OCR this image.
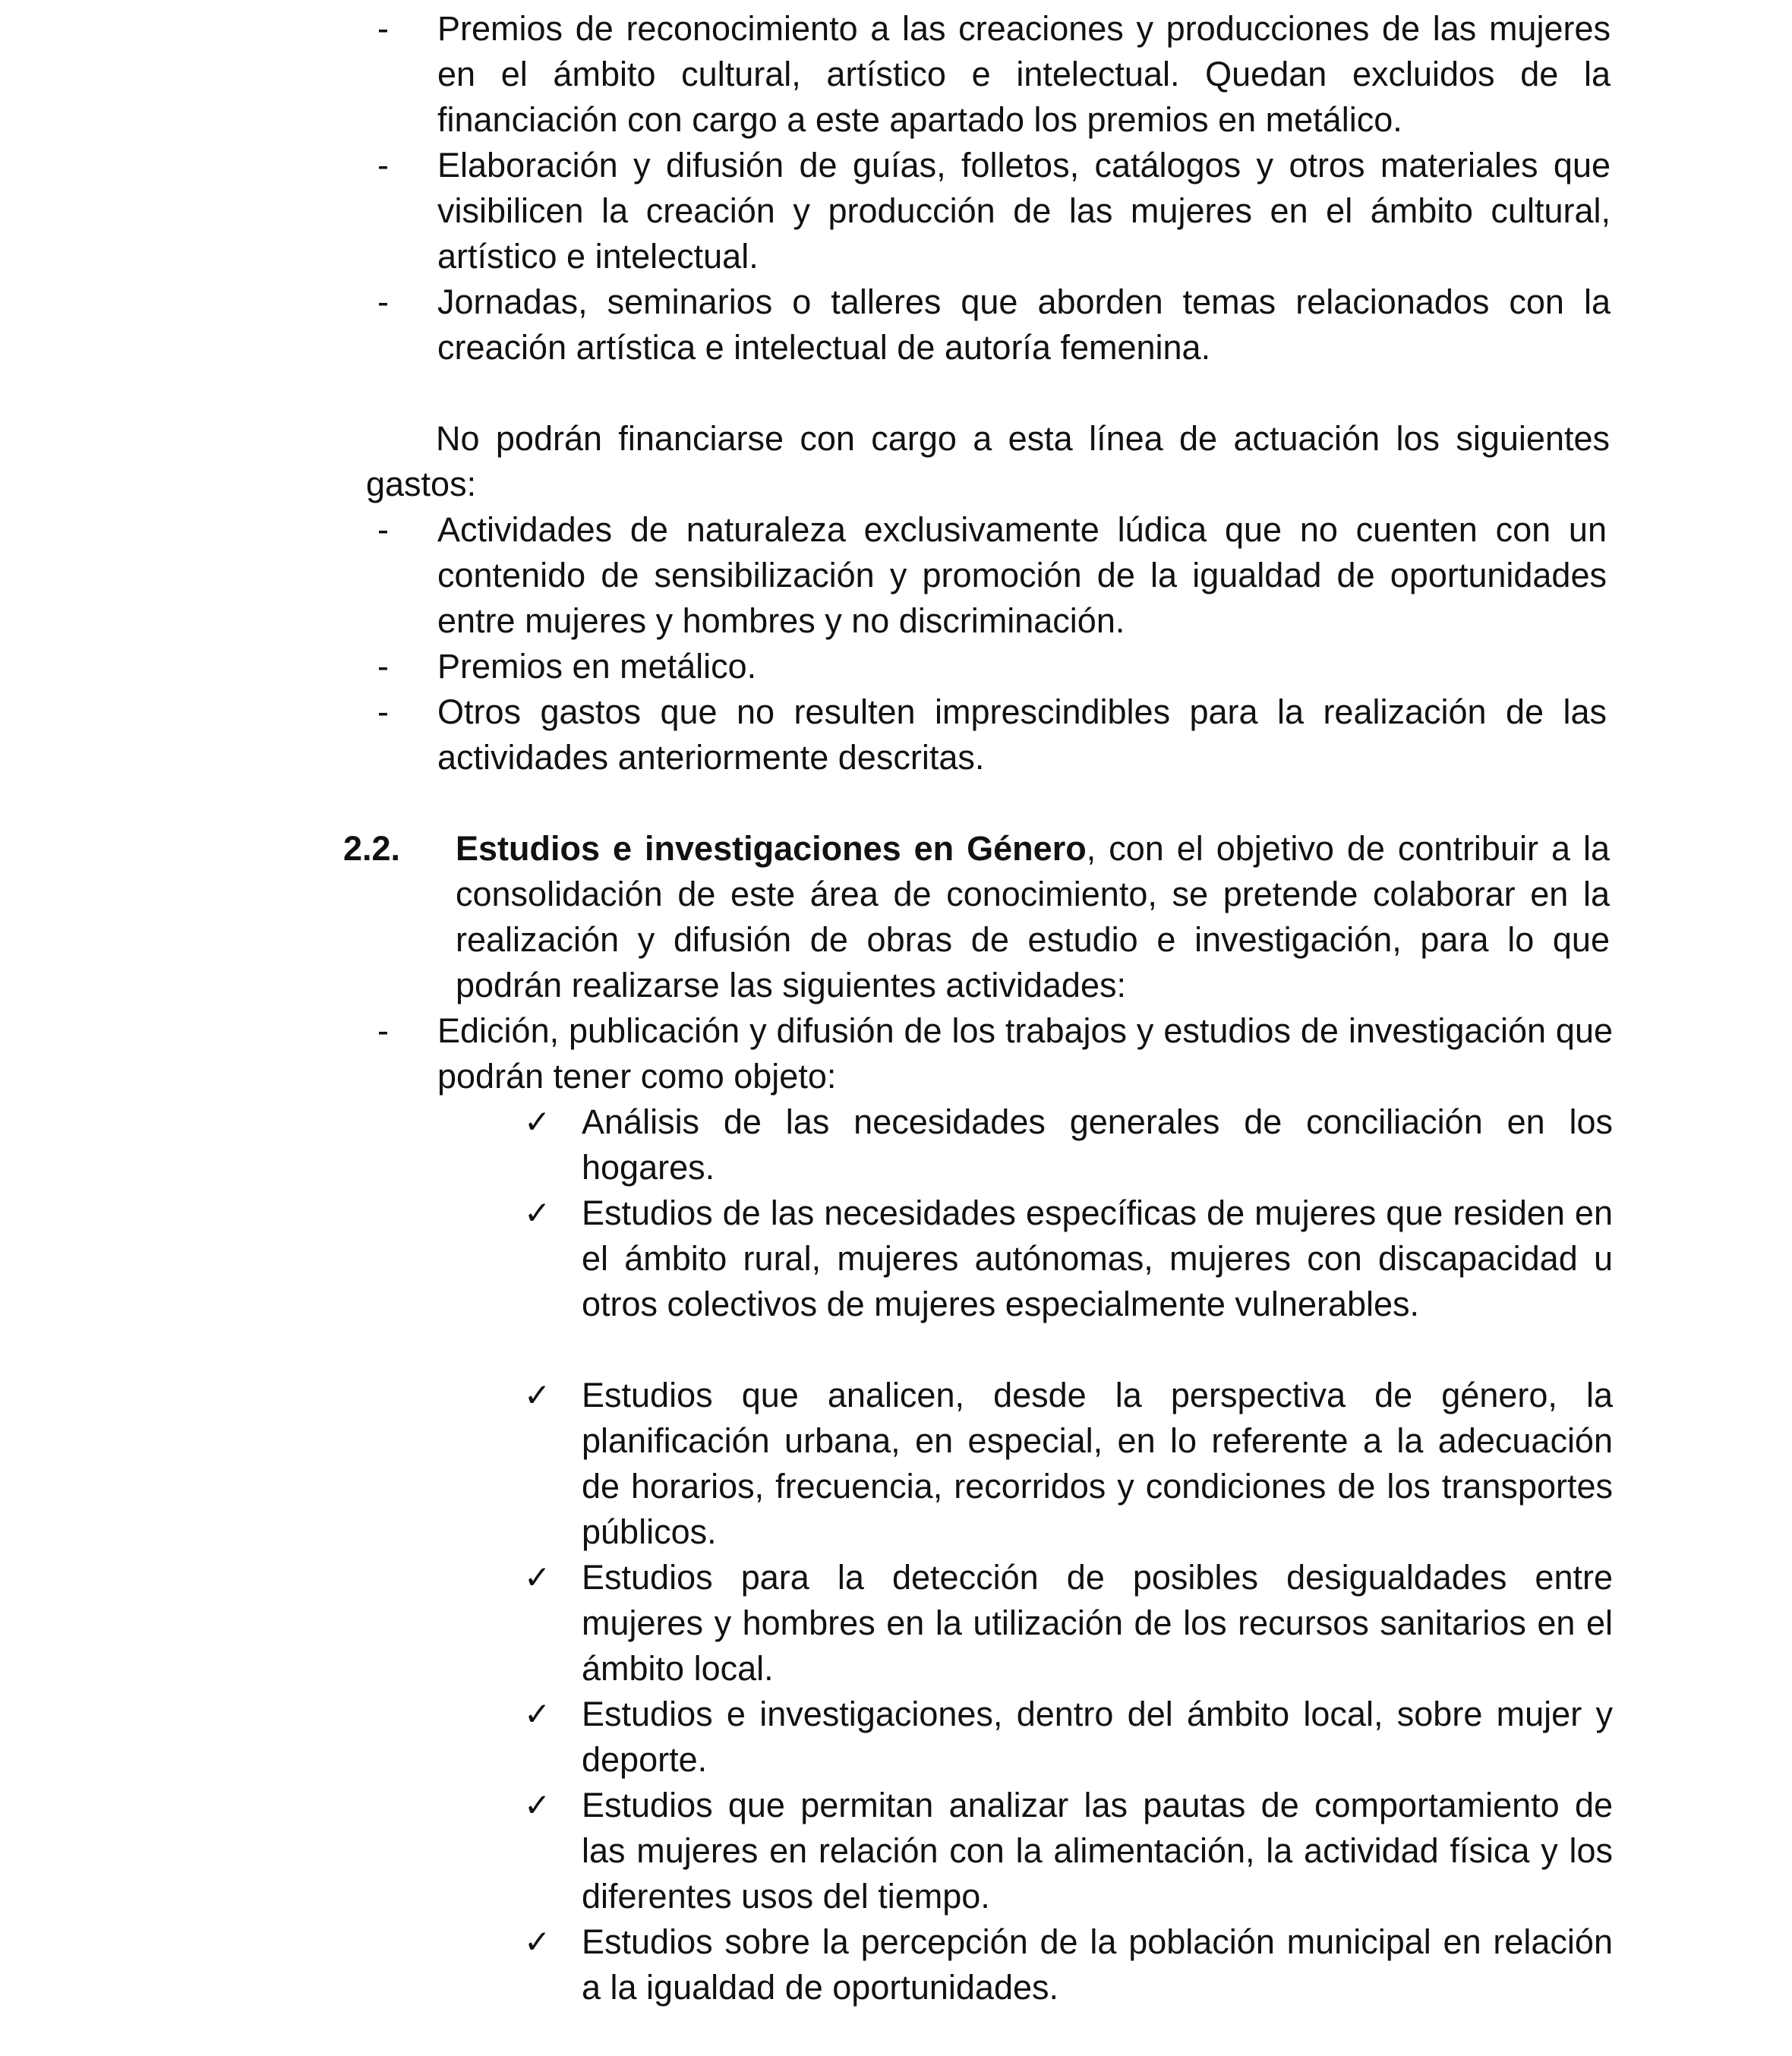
- Premios de reconocimiento a las creaciones y producciones de las mujeres en el ámbito cultural, artístico e intelectual. Quedan excluidos de la financiación con cargo a este apartado los premios en metálico.

- Elaboración y difusión de guías, folletos, catálogos y otros materiales que visibilicen la creación y producción de las mujeres en el ámbito cultural, artístico e intelectual.

- Jornadas, seminarios o talleres que aborden temas relacionados con la creación artística e intelectual de autoría femenina.

No podrán financiarse con cargo a esta línea de actuación los siguientes gastos:

- Actividades de naturaleza exclusivamente lúdica que no cuenten con un contenido de sensibilización y promoción de la igualdad de oportunidades entre mujeres y hombres y no discriminación.

- Premios en metálico.

- Otros gastos que no resulten imprescindibles para la realización de las actividades anteriormente descritas.

2.2. Estudios e investigaciones en Género, con el objetivo de contribuir a la consolidación de este área de conocimiento, se pretende colaborar en la realización y difusión de obras de estudio e investigación, para lo que podrán realizarse las siguientes actividades:

- Edición, publicación y difusión de los trabajos y estudios de investigación que podrán tener como objeto:

✓ Análisis de las necesidades generales de conciliación en los hogares.

✓ Estudios de las necesidades específicas de mujeres que residen en el ámbito rural, mujeres autónomas, mujeres con discapacidad u otros colectivos de mujeres especialmente vulnerables.

✓ Estudios que analicen, desde la perspectiva de género, la planificación urbana, en especial, en lo referente a la adecuación de horarios, frecuencia, recorridos y condiciones de los transportes públicos.

✓ Estudios para la detección de posibles desigualdades entre mujeres y hombres en la utilización de los recursos sanitarios en el ámbito local.

✓ Estudios e investigaciones, dentro del ámbito local, sobre mujer y deporte.

✓ Estudios que permitan analizar las pautas de comportamiento de las mujeres en relación con la alimentación, la actividad física y los diferentes usos del tiempo.

✓ Estudios sobre la percepción de la población municipal en relación a la igualdad de oportunidades.
